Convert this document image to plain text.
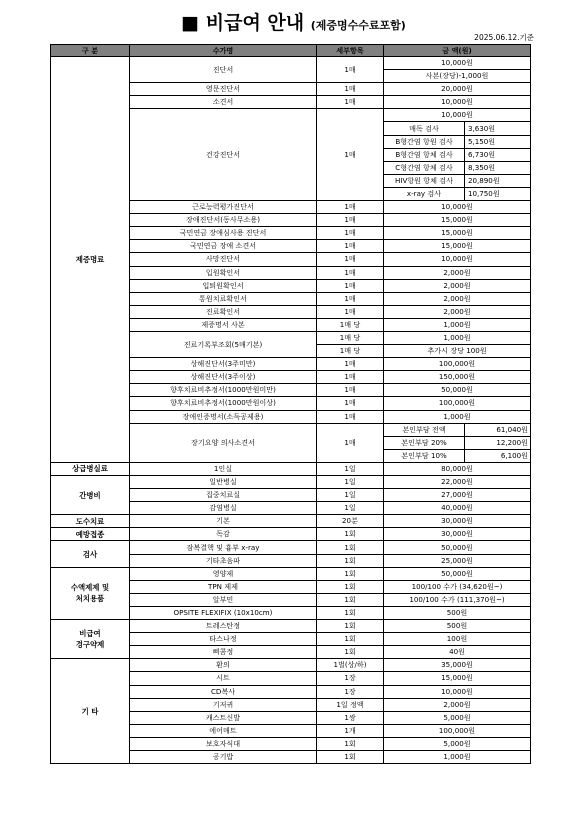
■ 비급여 안내 (제증명수수료포함)
2025.06.12.기준
구 분	수가명	세부항목	금 액(원)	
제증명료	진단서	1매	10,000원	
			사본(장당)-1,000원	
	영문진단서	1매	20,000원	
	소견서	1매	10,000원	
	건강진단서	1매	10,000원	
			매독 검사	3,630원
			B형간염 항원 검사	5,150원
			B형간염 항체 검사	6,730원
			C형간염 항체 검사	8,350원
			HIV항원 항체 검사	20,890원
			x-ray 검사	10,750원
	근로능력평가진단서	1매	10,000원	
	장애진단서(동사무소용)	1매	15,000원	
	국민연금 장애심사용 진단서	1매	15,000원	
	국민연금 장애 소견서	1매	15,000원	
	사망진단서	1매	10,000원	
	입원확인서	1매	2,000원	
	입퇴원확인서	1매	2,000원	
	통원치료확인서	1매	2,000원	
	진료확인서	1매	2,000원	
	제증명서 사본	1매 당	1,000원	
	진료기록부조회(5매기본)	1매 당	1,000원	
		1매 당	추가시 장당 100원	
	상해진단서(3주미만)	1매	100,000원	
	상해진단서(3주이상)	1매	150,000원	
	향후치료비추정서(1000만원미만)	1매	50,000원	
	향후치료비추정서(1000만원이상)	1매	100,000원	
	장애인증명서(소득공제용)	1매	1,000원	
	장기요양 의사소견서	1매	본인부담 전액	61,040원
			본인부담 20%	12,200원
			본인부담 10%	6,100원
상급병실료	1인실	1일	80,000원	
간병비	일반병실	1일	22,000원	
	집중치료실	1일	27,000원	
	감염병실	1일	40,000원	
도수치료	기본	20분	30,000원	
예방접종	독감	1회	30,000원	
검사	잠복결핵 및 흉부 x-ray	1회	50,000원	
	기타초음파	1회	25,000원	
수액제제 및
처치용품	영양제	1회	50,000원	
	TPN 제제	1회	100/100 수가 (34,620원~)	
	알부민	1회	100/100 수가 (111,370원~)	
	OPSITE FLEXIFIX (10x10cm)	1회	500원	
비급여
경구약제	트레스탄정	1회	500원	
	타스나정	1회	100원	
	삐콤정	1회	40원	
기 타	환의	1벌(상/하)	35,000원	
	시트	1장	15,000원	
	CD복사	1장	10,000원	
	기저귀	1일 정액	2,000원	
	캐스트신발	1쌍	5,000원	
	에어매트	1개	100,000원	
	보호자식대	1회	5,000원	
	공기밥	1회	1,000원	
